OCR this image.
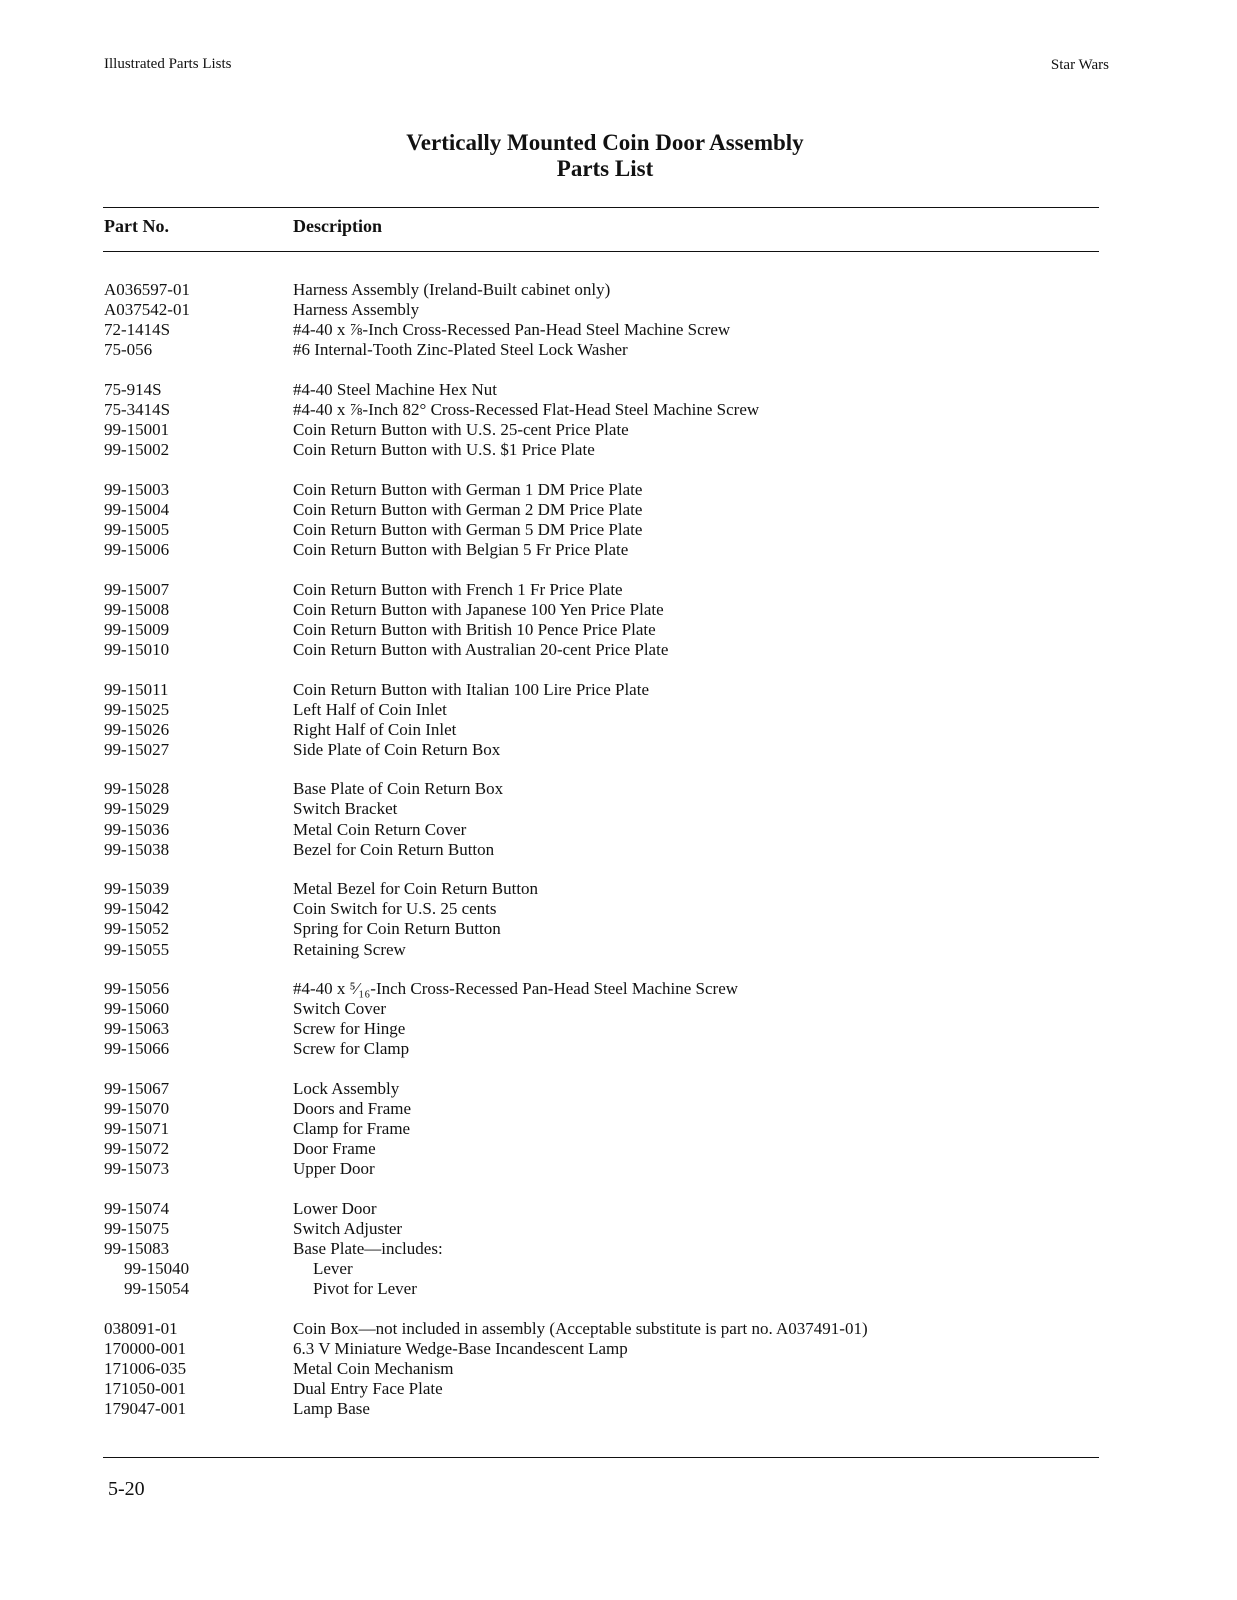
Illustrated Parts Lists	Star Wars
Vertically Mounted Coin Door Assembly
Parts List
Part No.	Description
A036597-01	Harness Assembly (Ireland-Built cabinet only)
A037542-01	Harness Assembly
72-1414S	#4-40 x ⅞-Inch Cross-Recessed Pan-Head Steel Machine Screw
75-056	#6 Internal-Tooth Zinc-Plated Steel Lock Washer
75-914S	#4-40 Steel Machine Hex Nut
75-3414S	#4-40 x ⅞-Inch 82° Cross-Recessed Flat-Head Steel Machine Screw
99-15001	Coin Return Button with U.S. 25-cent Price Plate
99-15002	Coin Return Button with U.S. $1 Price Plate
99-15003	Coin Return Button with German 1 DM Price Plate
99-15004	Coin Return Button with German 2 DM Price Plate
99-15005	Coin Return Button with German 5 DM Price Plate
99-15006	Coin Return Button with Belgian 5 Fr Price Plate
99-15007	Coin Return Button with French 1 Fr Price Plate
99-15008	Coin Return Button with Japanese 100 Yen Price Plate
99-15009	Coin Return Button with British 10 Pence Price Plate
99-15010	Coin Return Button with Australian 20-cent Price Plate
99-15011	Coin Return Button with Italian 100 Lire Price Plate
99-15025	Left Half of Coin Inlet
99-15026	Right Half of Coin Inlet
99-15027	Side Plate of Coin Return Box
99-15028	Base Plate of Coin Return Box
99-15029	Switch Bracket
99-15036	Metal Coin Return Cover
99-15038	Bezel for Coin Return Button
99-15039	Metal Bezel for Coin Return Button
99-15042	Coin Switch for U.S. 25 cents
99-15052	Spring for Coin Return Button
99-15055	Retaining Screw
99-15056	#4-40 x ⁵⁄₁₆-Inch Cross-Recessed Pan-Head Steel Machine Screw
99-15060	Switch Cover
99-15063	Screw for Hinge
99-15066	Screw for Clamp
99-15067	Lock Assembly
99-15070	Doors and Frame
99-15071	Clamp for Frame
99-15072	Door Frame
99-15073	Upper Door
99-15074	Lower Door
99-15075	Switch Adjuster
99-15083	Base Plate—includes:
99-15040	Lever
99-15054	Pivot for Lever
038091-01	Coin Box—not included in assembly (Acceptable substitute is part no. A037491-01)
170000-001	6.3 V Miniature Wedge-Base Incandescent Lamp
171006-035	Metal Coin Mechanism
171050-001	Dual Entry Face Plate
179047-001	Lamp Base
5-20
